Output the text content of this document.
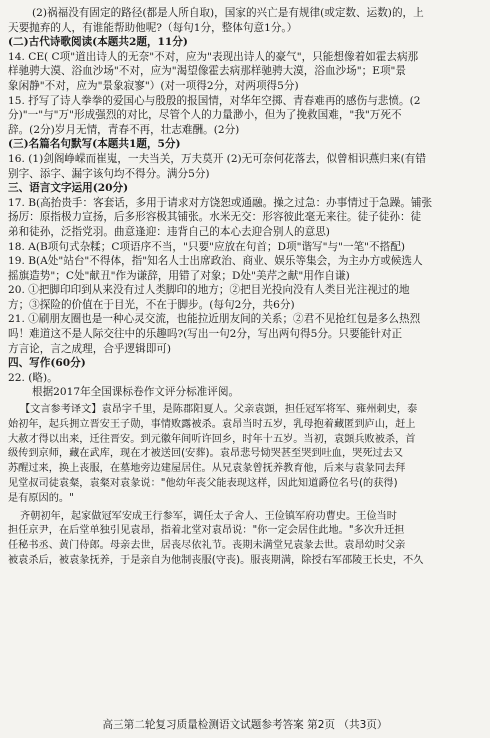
(2)祸福没有固定的路径(都是人所自取)，国家的兴亡是有规律(或定数、运数)的，上
天要抛弃的人，有谁能帮助他呢?（每句1分，整体句意1分。）
(二)古代诗歌阅读(本题共2题，11分)
14. CE( C项"道出诗人的无奈"不对，应为"表现出诗人的豪气"，只能想像着如霍去病那
样驰骋大漠、浴血沙场"不对，应为"渴望像霍去病那样驰骋大漠，浴血沙场"；E项"景
象闲静"不对，应为"景象寂寥"）(对一项得2分，对两项得5分)
15. 抒写了诗人拳拳的爱国心与殷殷的报国情，对华年空掷、青春难再的感伤与悲愤。(2
分)"一"与"万"形成强烈的对比，尽管个人的力量渺小，但为了挽救国难，"我"万死不
辞。(2分)岁月无情，青春不再，壮志难酬。(2分)
(三)名篇名句默写(本题共1题，5分)
16. (1)剑阁峥嵘而崔嵬，一夫当关，万夫莫开 (2)无可奈何花落去，似曾相识燕归来(有错
别字、添字、漏字该句均不得分。满分5分)
三、语言文字运用(20分)
17. B(高抬贵手：客套话，多用于请求对方饶恕或通融。操之过急：办事情过于急躁。铺张
扬厉：原指极力宣扬，后多形容极其铺张。水米无交：形容彼此毫无来往。徒子徒孙：徒
弟和徒孙，泛指党羽。曲意逢迎：违背自己的本心去迎合别人的意思)
18. A(B项句式杂糅；C项语序不当，"只要"应放在句首；D项"谐写"与"一笔"不搭配)
19. B(A处"站台"不得体，指"知名人士出席政治、商业、娱乐等集会，为主办方或候选人
摇旗造势"；C处"献丑"作为谦辞，用错了对象；D处"美芹之献"用作自谦)
20. ①把脚印印到从来没有过人类脚印的地方；②把目光投向没有人类目光注视过的地
方；③探险的价值在于目光，不在于脚步。(每句2分，共6分)
21. ①刷朋友圈也是一种心灵交流，也能拉近朋友间的关系；②君不见抢红包是多么热烈
吗！难道这不是人际交往中的乐趣吗?(写出一句2分，写出两句得5分。只要能针对正
方言论，言之成理，合乎逻辑即可)
四、写作(60分)
22. (略)。
根据2017年全国课标卷作文评分标准评阅。
【文言参考译文】袁昂字千里，是陈郡阳夏人。父亲袁顗，担任冠军将军、雍州刺史，泰
始初年，起兵拥立晋安王子勋，事情败露被杀。袁昂当时五岁，乳母抱着藏匿到庐山，赶上
大赦才得以出来，迁往晋安。到元徽年间听许回乡，时年十五岁。当初，袁顗兵败被杀，首
级传到京师，藏在武库，现在才被送回(安葬)。袁昂悲号恸哭甚至哭到吐血，哭死过去又
苏醒过来，换上丧服，在墓地旁边建屋居住。从兄袁彖曾抚养教育他，后来与袁彖同去拜
见堂叔司徒袁粲，袁粲对袁彖说："他幼年丧父能表现这样，因此知道爵位名号(的获得)
是有原因的。"
齐朝初年，起家做冠军安成王行参军，调任太子舍人、王俭镇军府功曹史。王俭当时
担任京尹，在后堂单独引见袁昂，指着北堂对袁昂说："你一定会居住此地。"多次升迁担
任秘书丞、黄门侍郎。母亲去世，居丧尽依礼节。丧期未满堂兄袁彖去世。袁昂幼时父亲
被袁杀后，被袁彖抚养，于是亲自为他制丧服(守丧)。服丧期满，除授右军邵陵王长史，不久
高三第二轮复习质量检测语文试题参考答案 第2页 （共3页）
